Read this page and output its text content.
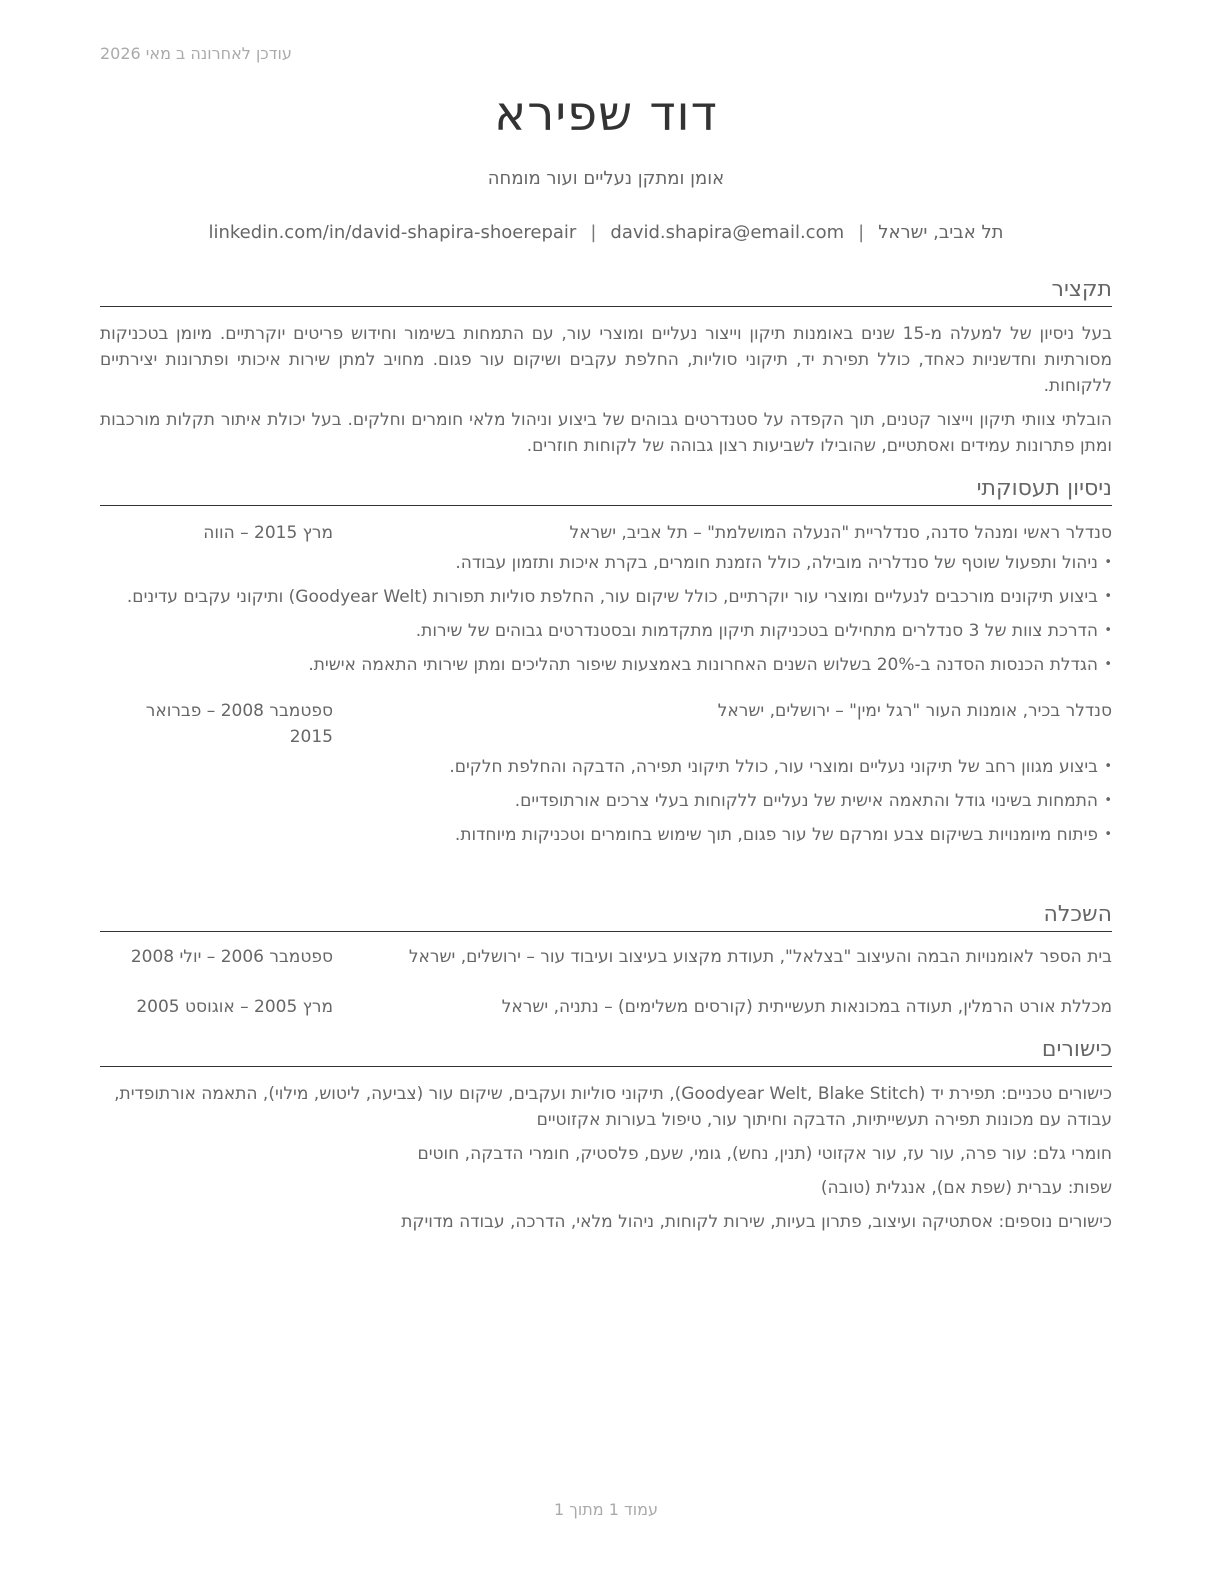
עודכן לאחרונה ב מאי 2026
דוד שפירא
אומן ומתקן נעליים ועור מומחה
תל אביב, ישראל|david.shapira@email.com|linkedin.com/in/david-shapira-shoerepair
תקציר

בעל ניסיון של למעלה מ-15 שנים באומנות תיקון וייצור נעליים ומוצרי עור, עם התמחות בשימור וחידוש פריטים יוקרתיים. מיומן בטכניקות מסורתיות וחדשניות כאחד, כולל תפירת יד, תיקוני סוליות, החלפת עקבים ושיקום עור פגום. מחויב למתן שירות איכותי ופתרונות יצירתיים ללקוחות.

הובלתי צוותי תיקון וייצור קטנים, תוך הקפדה על סטנדרטים גבוהים של ביצוע וניהול מלאי חומרים וחלקים. בעל יכולת איתור תקלות מורכבות ומתן פתרונות עמידים ואסתטיים, שהובילו לשביעות רצון גבוהה של לקוחות חוזרים.

ניסיון תעסוקתי
סנדלר ראשי ומנהל סדנה, סנדלריית "הנעלה המושלמת" – תל אביב, ישראל
מרץ 2015 – הווה
• ניהול ותפעול שוטף של סנדלריה מובילה, כולל הזמנת חומרים, בקרת איכות ותזמון עבודה.
• ביצוע תיקונים מורכבים לנעליים ומוצרי עור יוקרתיים, כולל שיקום עור, החלפת סוליות תפורות (Goodyear Welt) ותיקוני עקבים עדינים.
• הדרכת צוות של 3 סנדלרים מתחילים בטכניקות תיקון מתקדמות ובסטנדרטים גבוהים של שירות.
• הגדלת הכנסות הסדנה ב-20% בשלוש השנים האחרונות באמצעות שיפור תהליכים ומתן שירותי התאמה אישית.
סנדלר בכיר, אומנות העור "רגל ימין" – ירושלים, ישראל
ספטמבר 2008 – פברואר 2015
• ביצוע מגוון רחב של תיקוני נעליים ומוצרי עור, כולל תיקוני תפירה, הדבקה והחלפת חלקים.
• התמחות בשינוי גודל והתאמה אישית של נעליים ללקוחות בעלי צרכים אורתופדיים.
• פיתוח מיומנויות בשיקום צבע ומרקם של עור פגום, תוך שימוש בחומרים וטכניקות מיוחדות.
השכלה
בית הספר לאומנויות הבמה והעיצוב "בצלאל", תעודת מקצוע בעיצוב ועיבוד עור – ירושלים, ישראל
ספטמבר 2006 – יולי 2008
מכללת אורט הרמלין, תעודה במכונאות תעשייתית (קורסים משלימים) – נתניה, ישראל
מרץ 2005 – אוגוסט 2005
כישורים
כישורים טכניים: תפירת יד (Goodyear Welt, Blake Stitch), תיקוני סוליות ועקבים, שיקום עור (צביעה, ליטוש, מילוי), התאמה אורתופדית, עבודה עם מכונות תפירה תעשייתיות, הדבקה וחיתוך עור, טיפול בעורות אקזוטיים
חומרי גלם: עור פרה, עור עז, עור אקזוטי (תנין, נחש), גומי, שעם, פלסטיק, חומרי הדבקה, חוטים
שפות: עברית (שפת אם), אנגלית (טובה)
כישורים נוספים: אסתטיקה ועיצוב, פתרון בעיות, שירות לקוחות, ניהול מלאי, הדרכה, עבודה מדויקת
עמוד 1 מתוך 1
